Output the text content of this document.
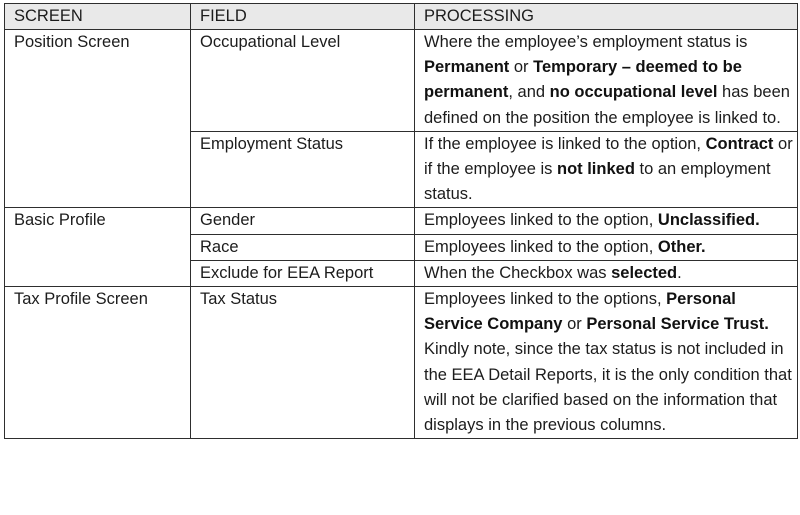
SCREEN	FIELD	PROCESSING
Position Screen	Occupational Level	Where the employee’s employment status is Permanent or Temporary – deemed to be permanent, and no occupational level has been defined on the position the employee is linked to.
	Employment Status	If the employee is linked to the option, Contract or if the employee is not linked to an employment status.
Basic Profile	Gender	Employees linked to the option, Unclassified.
	Race	Employees linked to the option, Other.
	Exclude for EEA Report	When the Checkbox was selected.
Tax Profile Screen	Tax Status	Employees linked to the options, Personal Service Company or Personal Service Trust. Kindly note, since the tax status is not included in the EEA Detail Reports, it is the only condition that will not be clarified based on the information that displays in the previous columns.
